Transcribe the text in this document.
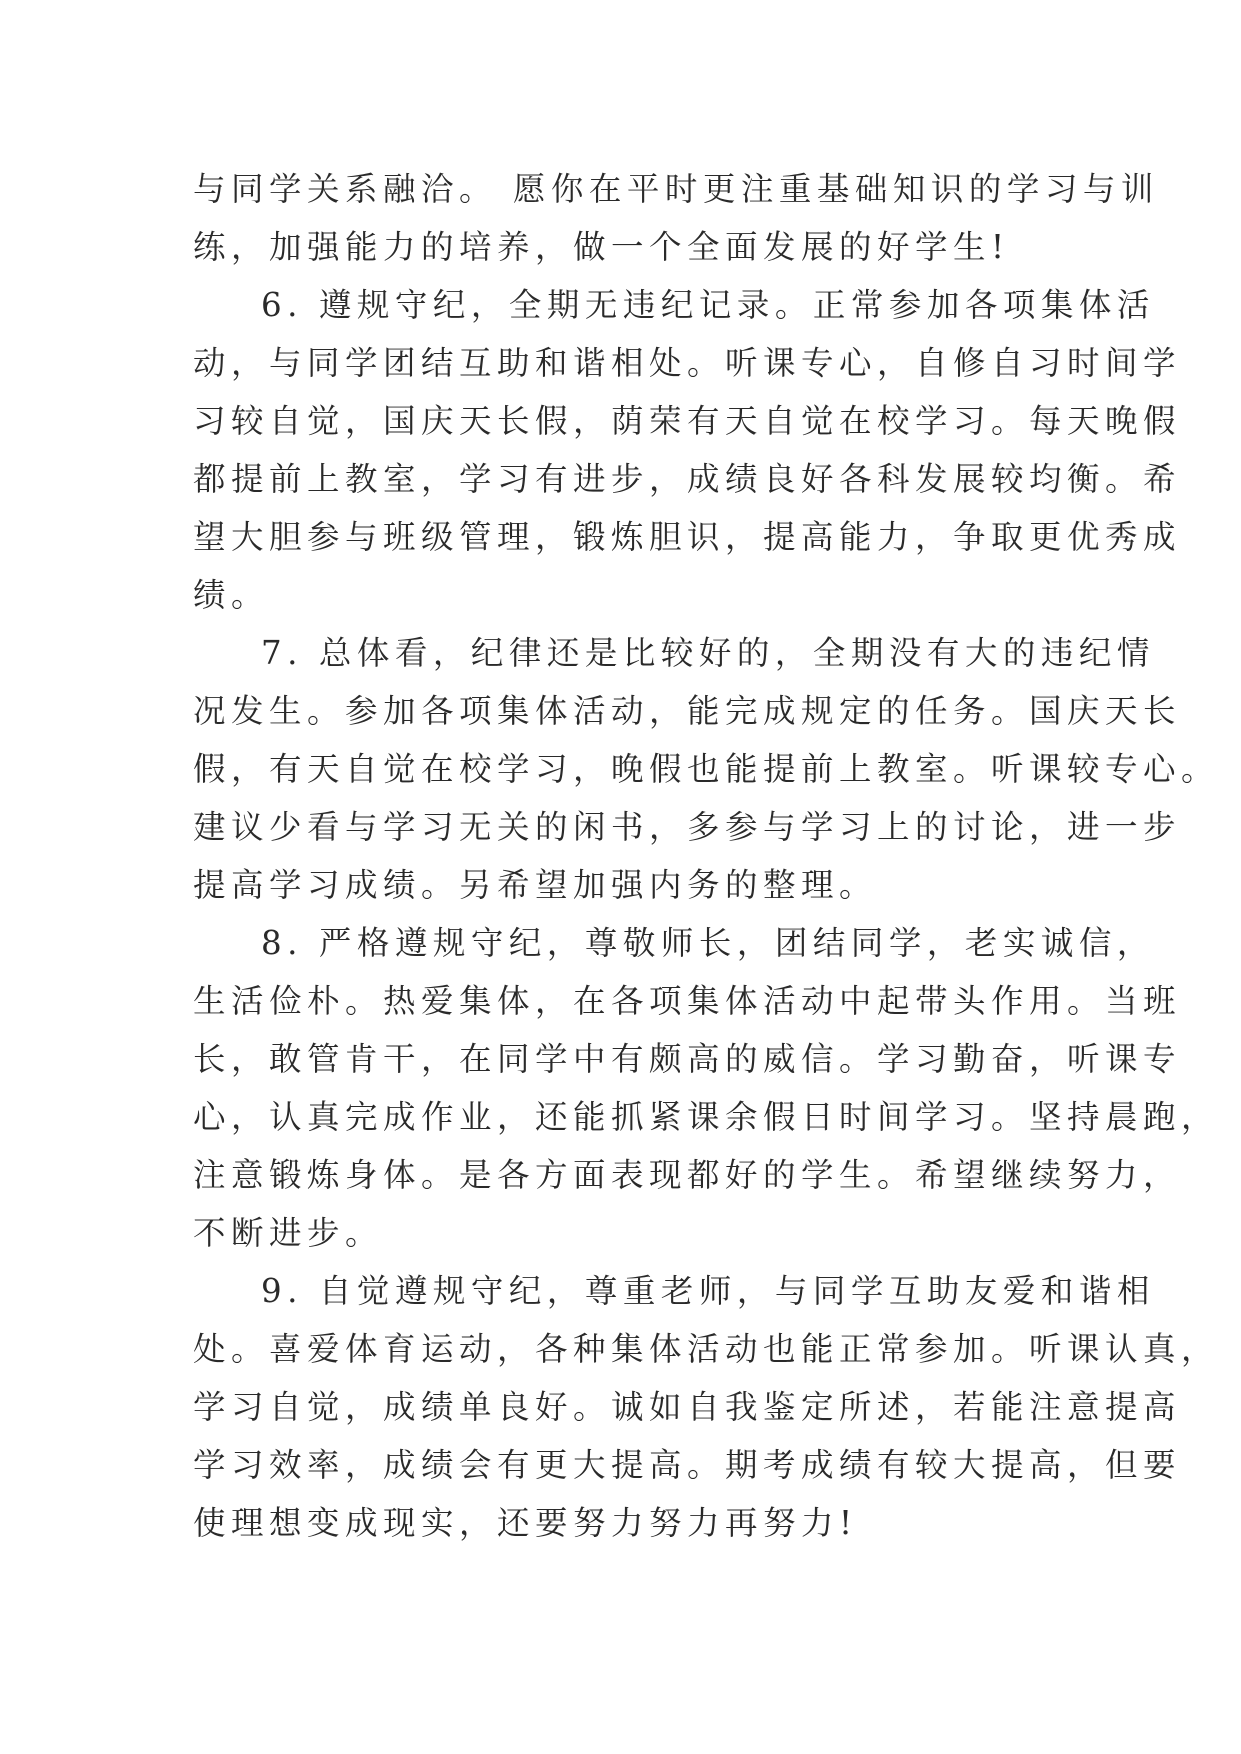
与同学关系融洽。 愿你在平时更注重基础知识的学习与训
练，加强能力的培养，做一个全面发展的好学生!
6. 遵规守纪，全期无违纪记录。正常参加各项集体活
动，与同学团结互助和谐相处。听课专心，自修自习时间学
习较自觉，国庆天长假，荫荣有天自觉在校学习。每天晚假
都提前上教室，学习有进步，成绩良好各科发展较均衡。希
望大胆参与班级管理，锻炼胆识，提高能力，争取更优秀成
绩。
7. 总体看，纪律还是比较好的，全期没有大的违纪情
况发生。参加各项集体活动，能完成规定的任务。国庆天长
假，有天自觉在校学习，晚假也能提前上教室。听课较专心。
建议少看与学习无关的闲书，多参与学习上的讨论，进一步
提高学习成绩。另希望加强内务的整理。
8. 严格遵规守纪，尊敬师长，团结同学，老实诚信，
生活俭朴。热爱集体，在各项集体活动中起带头作用。当班
长，敢管肯干，在同学中有颇高的威信。学习勤奋，听课专
心，认真完成作业，还能抓紧课余假日时间学习。坚持晨跑，
注意锻炼身体。是各方面表现都好的学生。希望继续努力，
不断进步。
9. 自觉遵规守纪，尊重老师，与同学互助友爱和谐相
处。喜爱体育运动，各种集体活动也能正常参加。听课认真，
学习自觉，成绩单良好。诚如自我鉴定所述，若能注意提高
学习效率，成绩会有更大提高。期考成绩有较大提高，但要
使理想变成现实，还要努力努力再努力!
